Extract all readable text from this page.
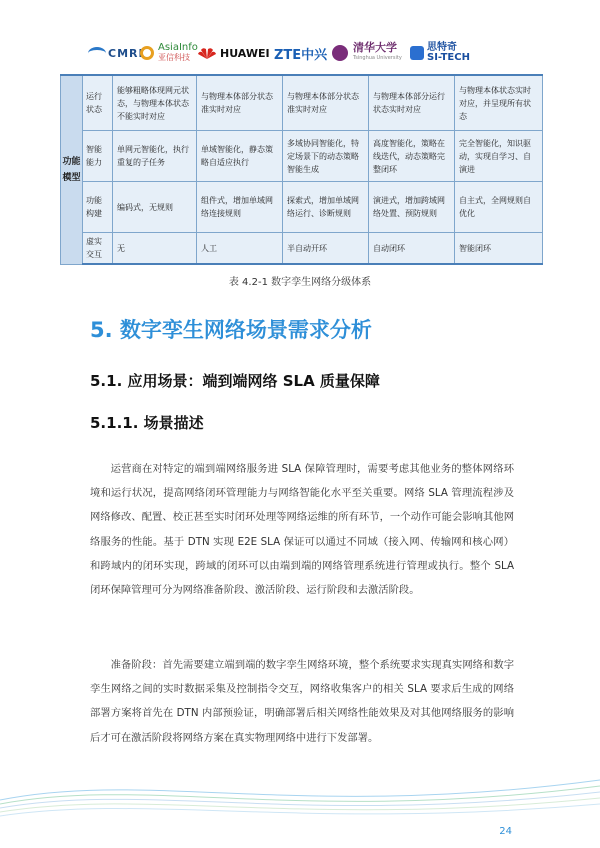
CMRI AsiaInfo
亚信科技	HUAWEI ZTE中兴 清华大学
Tsinghua University
思特奇
SI-TECH
功能模型	运行状态	能够粗略体现网元状态，与物理本体状态不能实时对应	与物理本体部分状态准实时对应	与物理本体部分状态准实时对应	与物理本体部分运行状态实时对应	与物理本体状态实时对应，并呈现所有状态
	智能能力	单网元智能化，执行重复的子任务	单域智能化，静态策略自适应执行	多域协同智能化，特定场景下的动态策略智能生成	高度智能化，策略在线迭代，动态策略完整闭环	完全智能化，知识驱动，实现自学习、自演进
	功能构建	编码式，无规则	组件式，增加单域网络连接规则	探索式，增加单域网络运行、诊断规则	演进式，增加跨域网络处置、预防规则	自主式，全网规则自优化
	虚实交互	无	人工	半自动开环	自动闭环	智能闭环
表 4.2-1 数字孪生网络分级体系
5. 数字孪生网络场景需求分析
5.1. 应用场景：端到端网络 SLA 质量保障
5.1.1. 场景描述

运营商在对特定的端到端网络服务进 SLA 保障管理时，需要考虑其他业务的整体网络环境和运行状况，提高网络闭环管理能力与网络智能化水平至关重要。网络 SLA 管理流程涉及网络修改、配置、校正甚至实时闭环处理等网络运维的所有环节，一个动作可能会影响其他网络服务的性能。基于 DTN 实现 E2E SLA 保证可以通过不同域（接入网、传输网和核心网）和跨域内的闭环实现，跨域的闭环可以由端到端的网络管理系统进行管理或执行。整个 SLA 闭环保障管理可分为网络准备阶段、激活阶段、运行阶段和去激活阶段。

准备阶段：首先需要建立端到端的数字孪生网络环境，整个系统要求实现真实网络和数字孪生网络之间的实时数据采集及控制指令交互，网络收集客户的相关 SLA 要求后生成的网络部署方案将首先在 DTN 内部预验证，明确部署后相关网络性能效果及对其他网络服务的影响后才可在激活阶段将网络方案在真实物理网络中进行下发部署。

24
